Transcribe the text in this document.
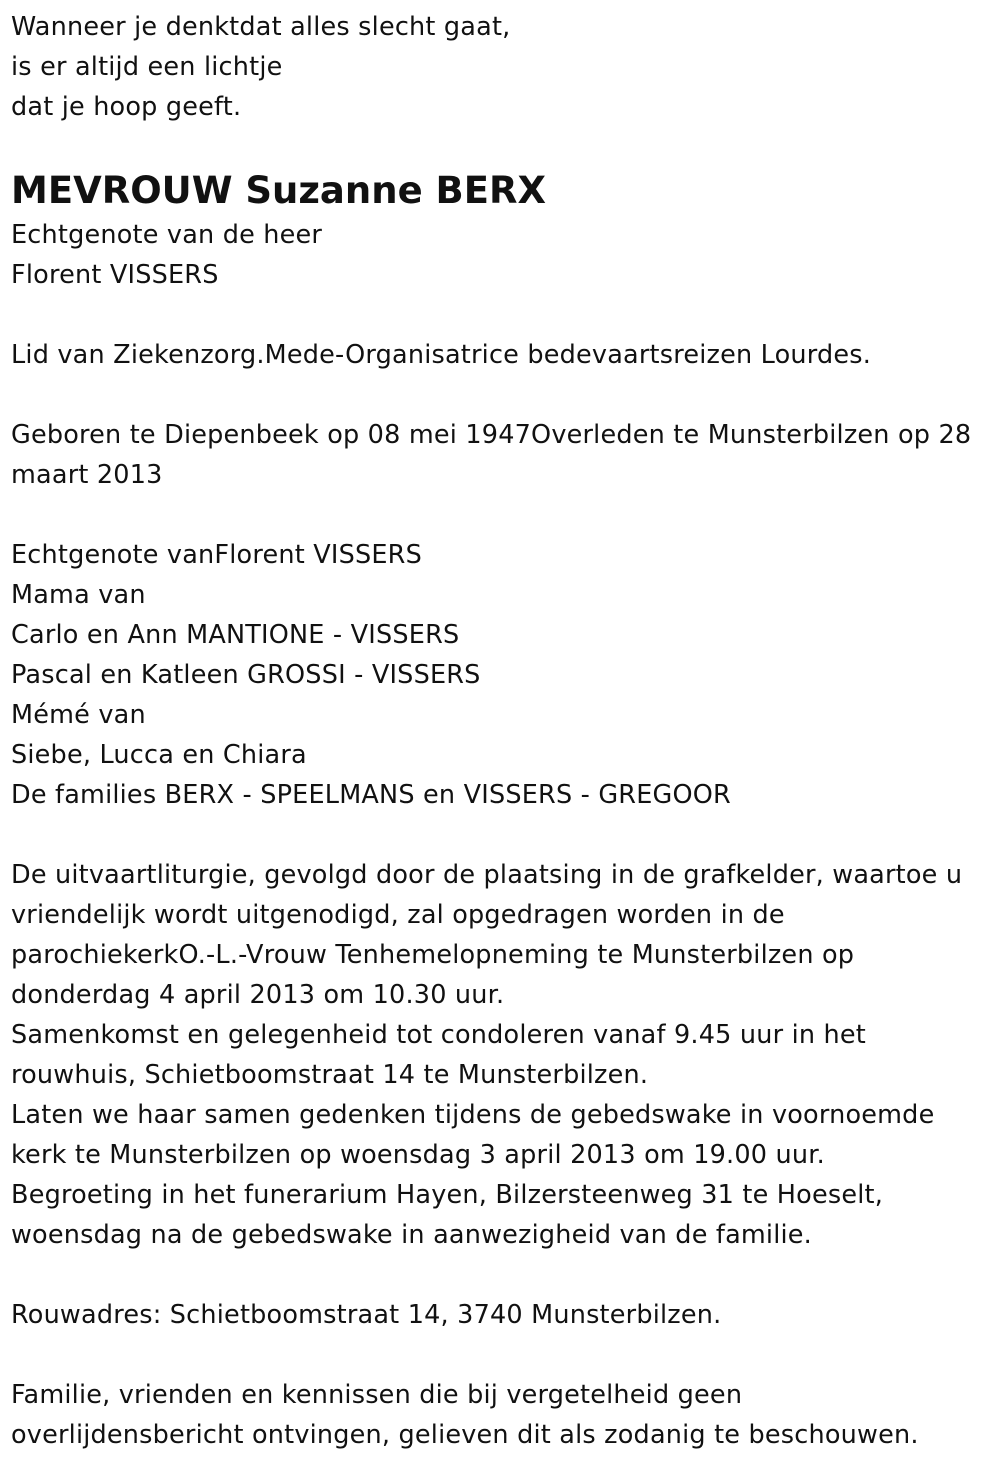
Wanneer je denktdat alles slecht gaat,
is er altijd een lichtje
dat je hoop geeft.
MEVROUW Suzanne BERX
Echtgenote van de heer
Florent VISSERS
Lid van Ziekenzorg.Mede-Organisatrice bedevaartsreizen Lourdes.
Geboren te Diepenbeek op 08 mei 1947Overleden te Munsterbilzen op 28
maart 2013
Echtgenote vanFlorent VISSERS
Mama van
Carlo en Ann MANTIONE - VISSERS
Pascal en Katleen GROSSI - VISSERS
Mémé van
Siebe, Lucca en Chiara
De families BERX - SPEELMANS en VISSERS - GREGOOR
De uitvaartliturgie, gevolgd door de plaatsing in de grafkelder, waartoe u
vriendelijk wordt uitgenodigd, zal opgedragen worden in de
parochiekerkO.-L.-Vrouw Tenhemelopneming te Munsterbilzen op
donderdag 4 april 2013 om 10.30 uur.
Samenkomst en gelegenheid tot condoleren vanaf 9.45 uur in het
rouwhuis, Schietboomstraat 14 te Munsterbilzen.
Laten we haar samen gedenken tijdens de gebedswake in voornoemde
kerk te Munsterbilzen op woensdag 3 april 2013 om 19.00 uur.
Begroeting in het funerarium Hayen, Bilzersteenweg 31 te Hoeselt,
woensdag na de gebedswake in aanwezigheid van de familie.
Rouwadres: Schietboomstraat 14, 3740 Munsterbilzen.
Familie, vrienden en kennissen die bij vergetelheid geen
overlijdensbericht ontvingen, gelieven dit als zodanig te beschouwen.
